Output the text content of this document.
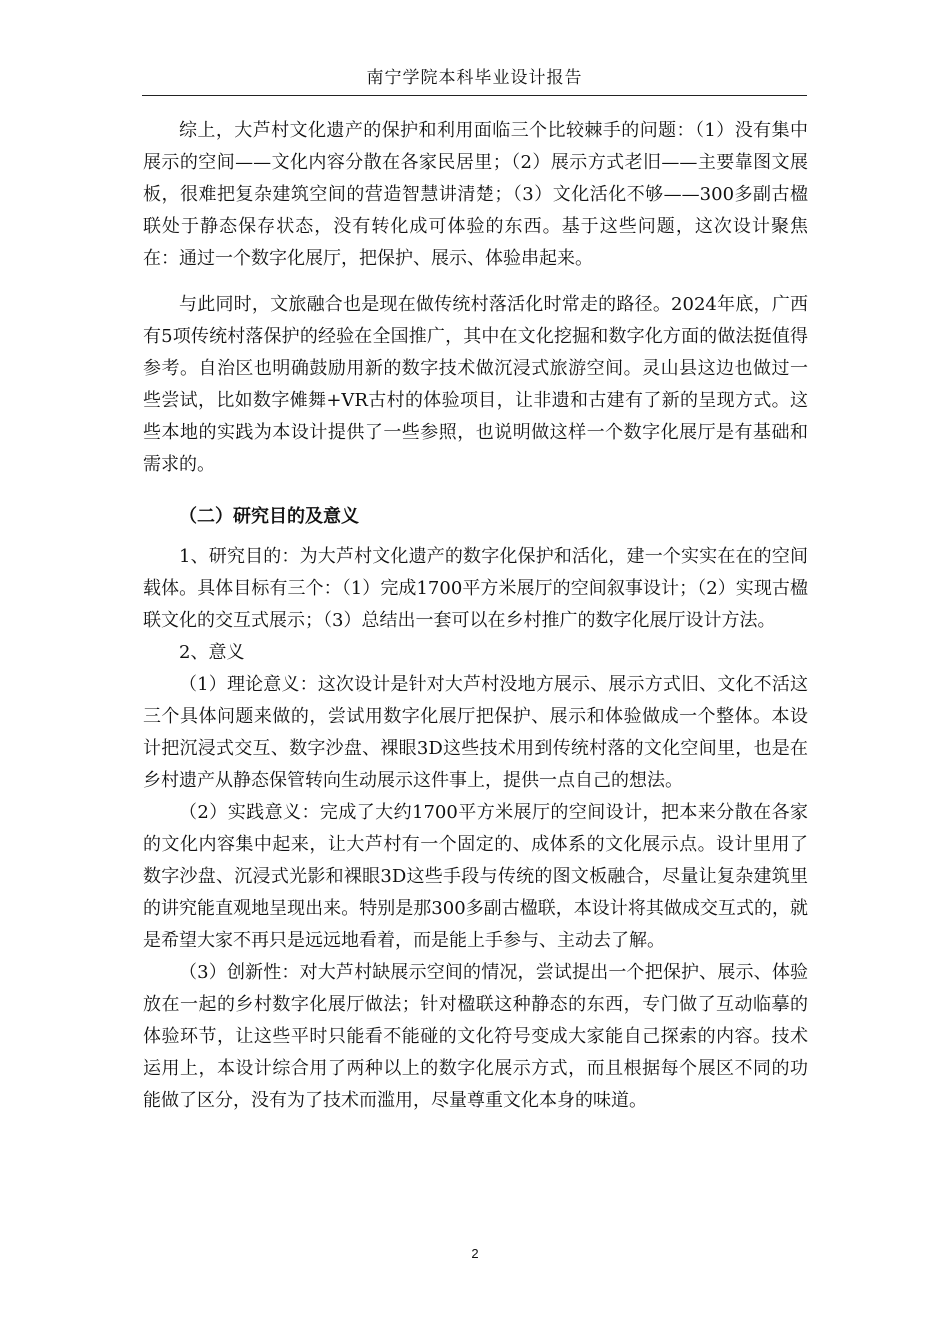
南宁学院本科毕业设计报告

综上，大芦村文化遗产的保护和利用面临三个比较棘手的问题：（1）没有集中展示的空间——文化内容分散在各家民居里；（2）展示方式老旧——主要靠图文展板，很难把复杂建筑空间的营造智慧讲清楚；（3）文化活化不够——300多副古楹联处于静态保存状态，没有转化成可体验的东西。基于这些问题，这次设计聚焦在：通过一个数字化展厅，把保护、展示、体验串起来。

与此同时，文旅融合也是现在做传统村落活化时常走的路径。2024年底，广西有5项传统村落保护的经验在全国推广，其中在文化挖掘和数字化方面的做法挺值得参考。自治区也明确鼓励用新的数字技术做沉浸式旅游空间。灵山县这边也做过一些尝试，比如数字傩舞+VR古村的体验项目，让非遗和古建有了新的呈现方式。这些本地的实践为本设计提供了一些参照，也说明做这样一个数字化展厅是有基础和需求的。

（二）研究目的及意义

1、研究目的：为大芦村文化遗产的数字化保护和活化，建一个实实在在的空间载体。具体目标有三个：（1）完成1700平方米展厅的空间叙事设计；（2）实现古楹联文化的交互式展示；（3）总结出一套可以在乡村推广的数字化展厅设计方法。

2、意义

（1）理论意义：这次设计是针对大芦村没地方展示、展示方式旧、文化不活这三个具体问题来做的，尝试用数字化展厅把保护、展示和体验做成一个整体。本设计把沉浸式交互、数字沙盘、裸眼3D这些技术用到传统村落的文化空间里，也是在乡村遗产从静态保管转向生动展示这件事上，提供一点自己的想法。

（2）实践意义：完成了大约1700平方米展厅的空间设计，把本来分散在各家的文化内容集中起来，让大芦村有一个固定的、成体系的文化展示点。设计里用了数字沙盘、沉浸式光影和裸眼3D这些手段与传统的图文板融合，尽量让复杂建筑里的讲究能直观地呈现出来。特别是那300多副古楹联，本设计将其做成交互式的，就是希望大家不再只是远远地看着，而是能上手参与、主动去了解。

（3）创新性：对大芦村缺展示空间的情况，尝试提出一个把保护、展示、体验放在一起的乡村数字化展厅做法；针对楹联这种静态的东西，专门做了互动临摹的体验环节，让这些平时只能看不能碰的文化符号变成大家能自己探索的内容。技术运用上，本设计综合用了两种以上的数字化展示方式，而且根据每个展区不同的功能做了区分，没有为了技术而滥用，尽量尊重文化本身的味道。

2
